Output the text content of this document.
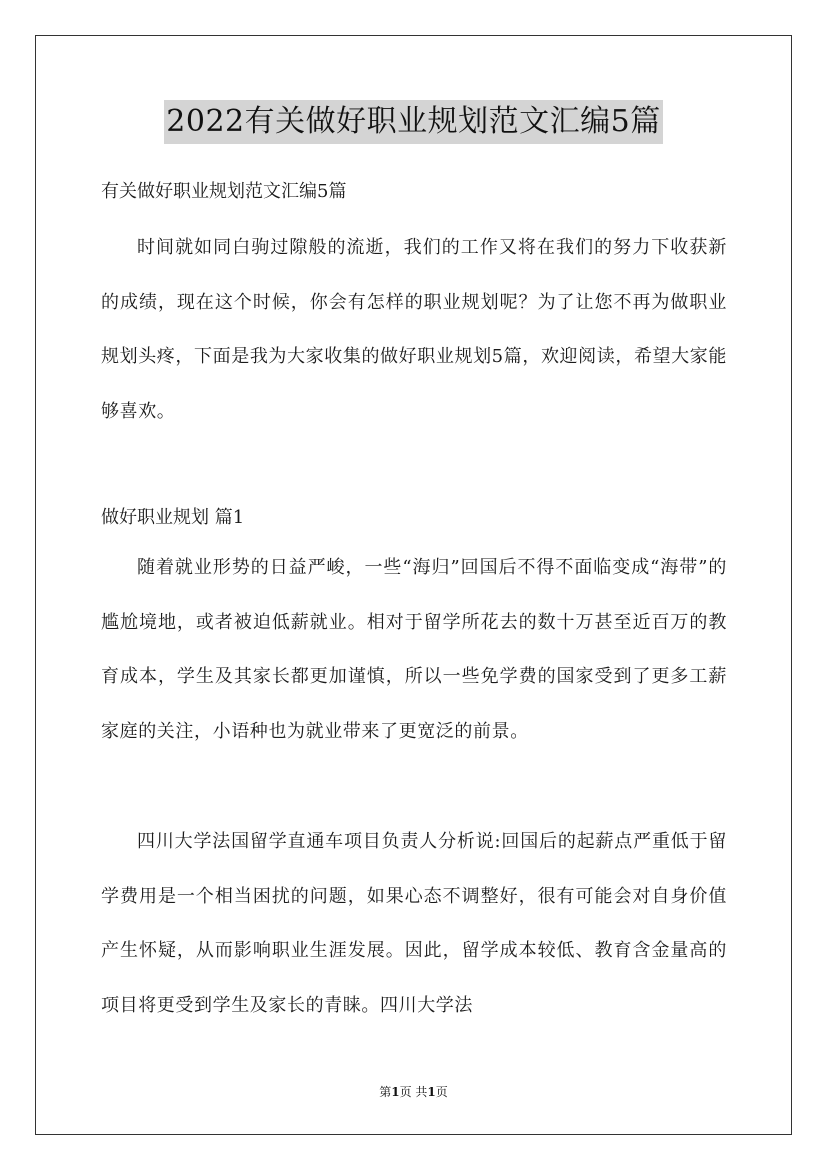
2022有关做好职业规划范文汇编5篇
有关做好职业规划范文汇编5篇

时间就如同白驹过隙般的流逝，我们的工作又将在我们的努力下收获新的成绩，现在这个时候，你会有怎样的职业规划呢？为了让您不再为做职业规划头疼，下面是我为大家收集的做好职业规划5篇，欢迎阅读，希望大家能够喜欢。

做好职业规划 篇1

随着就业形势的日益严峻，一些“海归”回国后不得不面临变成“海带”的尴尬境地，或者被迫低薪就业。相对于留学所花去的数十万甚至近百万的教育成本，学生及其家长都更加谨慎，所以一些免学费的国家受到了更多工薪家庭的关注，小语种也为就业带来了更宽泛的前景。

四川大学法国留学直通车项目负责人分析说:回国后的起薪点严重低于留学费用是一个相当困扰的问题，如果心态不调整好，很有可能会对自身价值产生怀疑，从而影响职业生涯发展。因此，留学成本较低、教育含金量高的项目将更受到学生及家长的青睐。四川大学法

第1页 共1页
